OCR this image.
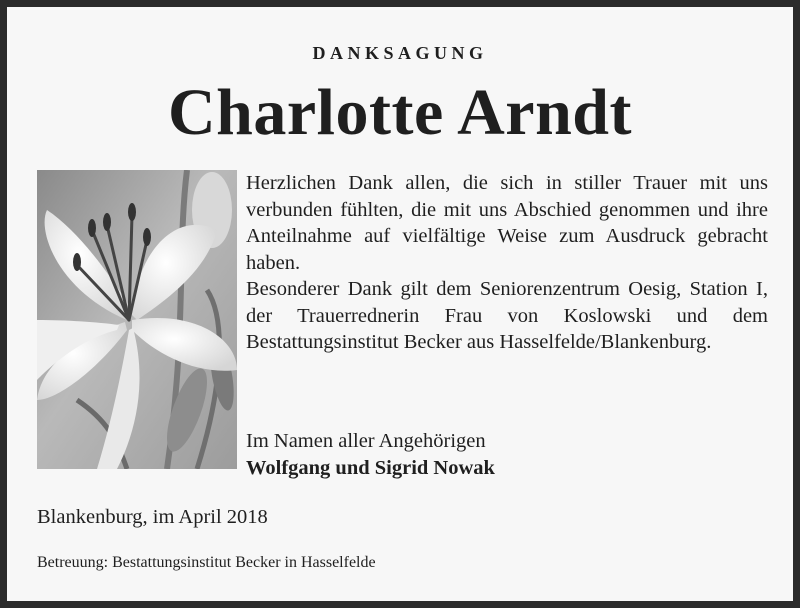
DANKSAGUNG
Charlotte Arndt

Herzlichen Dank allen, die sich in stiller Trauer mit uns verbunden fühlten, die mit uns Abschied genommen und ihre Anteilnahme auf vielfältige Weise zum Ausdruck gebracht haben.

Besonderer Dank gilt dem Seniorenzentrum Oesig, Station I, der Trauerrednerin Frau von Koslowski und dem Bestattungsinstitut Becker aus Hasselfelde/Blankenburg.

Im Namen aller Angehörigen
Wolfgang und Sigrid Nowak
Blankenburg, im April 2018
Betreuung: Bestattungsinstitut Becker in Hasselfelde
